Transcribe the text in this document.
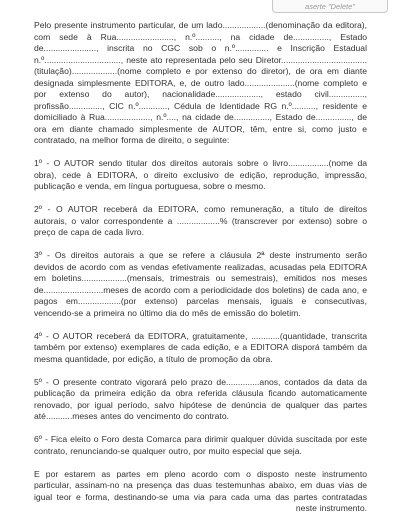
aserte "Delete"

Pelo presente instrumento particular, de um lado..................(denominação da editora), com sede à Rua........................, n.º.........., na cidade de..............., Estado de......................, inscrita no CGC sob o n.º.............. e Inscrição Estadual n.º................................, neste ato representada pelo seu Diretor....................................(titulação)...................(nome completo e por extenso do diretor), de ora em diante designada simplesmente EDITORA, e, de outro lado.....................(nome completo e por extenso do autor), nacionalidade..................., estado civil..............., profissão.............., CIC n.º............, Cédula de Identidade RG n.º.........., residente e domiciliado à Rua..................., n.º...., na cidade de..............., Estado de..............., de ora em diante chamado simplesmente de AUTOR, têm, entre si, como justo e contratado, na melhor forma de direito, o seguinte:

1º - O AUTOR sendo titular dos direitos autorais sobre o livro.................(nome da obra), cede à EDITORA, o direito exclusivo de edição, reprodução, impressão, publicação e venda, em língua portuguesa, sobre o mesmo.

2º - O AUTOR receberá da EDITORA, como remuneração, a título de direitos autorais, o valor correspondente a ..................% (transcrever por extenso) sobre o preço de capa de cada livro.

3º - Os direitos autorais a que se refere a cláusula 2ª deste instrumento serão devidos de acordo com as vendas efetivamente realizadas, acusadas pela EDITORA em boletins...................(mensais, trimestrais ou semestrais), emitidos nos meses de.........................meses de acordo com a periodicidade dos boletins) de cada ano, e pagos em..................(por extenso) parcelas mensais, iguais e consecutivas, vencendo-se a primeira no último dia do mês de emissão do boletim.

4º - O AUTOR receberá da EDITORA, gratuitamente, ............(quantidade, transcrita também por extenso) exemplares de cada edição, e a EDITORA disporá também da mesma quantidade, por edição, a título de promoção da obra.

5º - O presente contrato vigorará pelo prazo de..............anos, contados da data da publicação da primeira edição da obra referida cláusula ficando automaticamente renovado, por igual período, salvo hipótese de denúncia de qualquer das partes até...........meses antes do vencimento do contrato.

6º - Fica eleito o Foro desta Comarca para dirimir qualquer dúvida suscitada por este contrato, renunciando-se qualquer outro, por muito especial que seja.

E por estarem as partes em pleno acordo com o disposto neste instrumento particular, assinam-no na presença das duas testemunhas abaixo, em duas vias de igual teor e forma, destinando-se uma via para cada uma das partes contratadas neste instrumento.
